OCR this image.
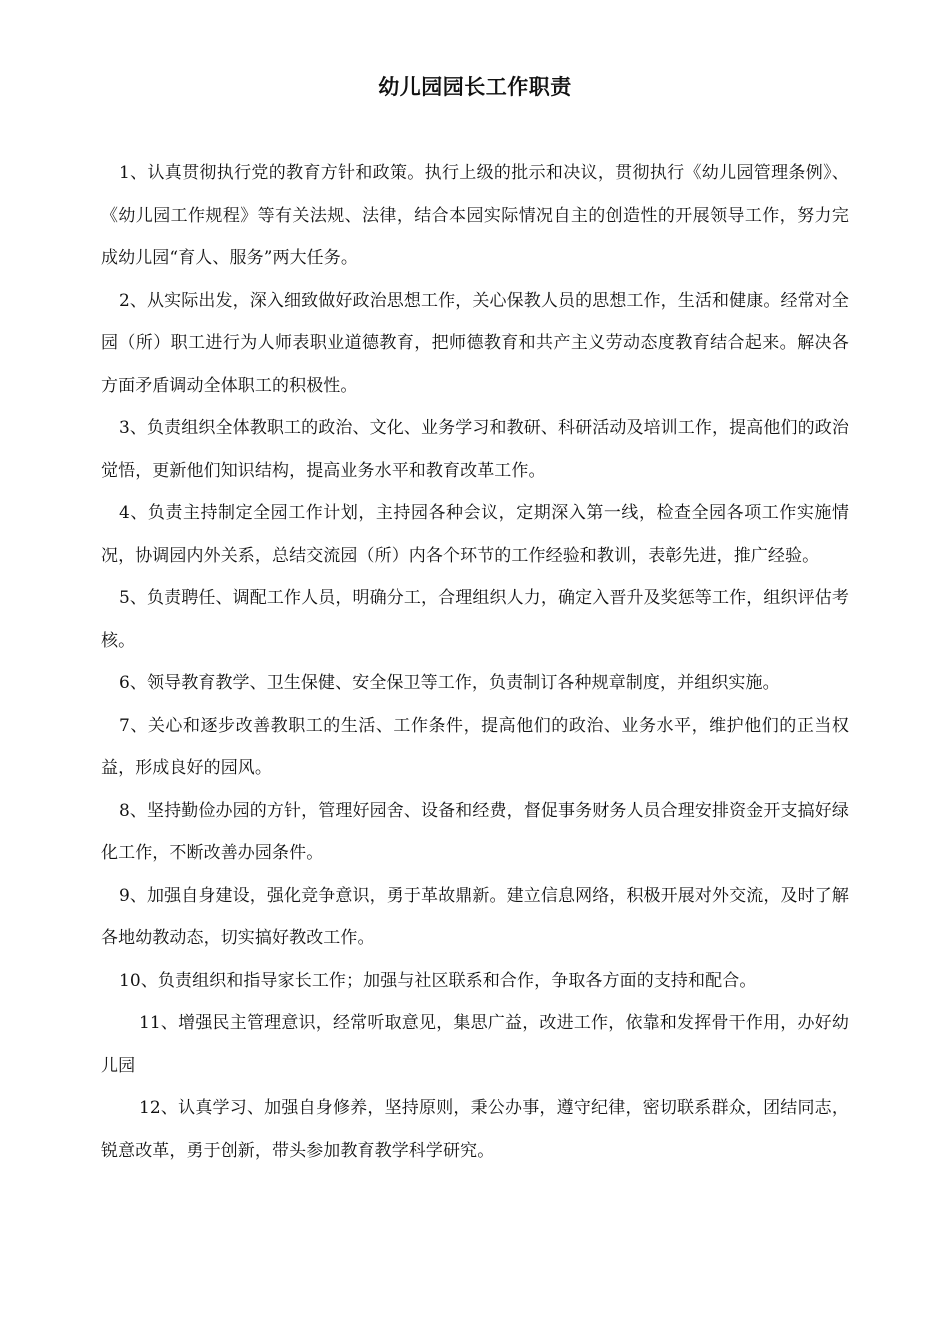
幼儿园园长工作职责

1、认真贯彻执行党的教育方针和政策。执行上级的批示和决议，贯彻执行《幼儿园管理条例》、《幼儿园工作规程》等有关法规、法律，结合本园实际情况自主的创造性的开展领导工作，努力完成幼儿园“育人、服务”两大任务。

2、从实际出发，深入细致做好政治思想工作，关心保教人员的思想工作，生活和健康。经常对全园（所）职工进行为人师表职业道德教育，把师德教育和共产主义劳动态度教育结合起来。解决各方面矛盾调动全体职工的积极性。

3、负责组织全体教职工的政治、文化、业务学习和教研、科研活动及培训工作，提高他们的政治觉悟，更新他们知识结构，提高业务水平和教育改革工作。

4、负责主持制定全园工作计划，主持园各种会议，定期深入第一线，检查全园各项工作实施情况，协调园内外关系，总结交流园（所）内各个环节的工作经验和教训，表彰先进，推广经验。

5、负责聘任、调配工作人员，明确分工，合理组织人力，确定入晋升及奖惩等工作，组织评估考核。

6、领导教育教学、卫生保健、安全保卫等工作，负责制订各种规章制度，并组织实施。

7、关心和逐步改善教职工的生活、工作条件，提高他们的政治、业务水平，维护他们的正当权益，形成良好的园风。

8、坚持勤俭办园的方针，管理好园舍、设备和经费，督促事务财务人员合理安排资金开支搞好绿化工作，不断改善办园条件。

9、加强自身建设，强化竞争意识，勇于革故鼎新。建立信息网络，积极开展对外交流，及时了解各地幼教动态，切实搞好教改工作。

10、负责组织和指导家长工作；加强与社区联系和合作，争取各方面的支持和配合。

11、增强民主管理意识，经常听取意见，集思广益，改进工作，依靠和发挥骨干作用，办好幼儿园

12、认真学习、加强自身修养，坚持原则，秉公办事，遵守纪律，密切联系群众，团结同志，锐意改革，勇于创新，带头参加教育教学科学研究。
